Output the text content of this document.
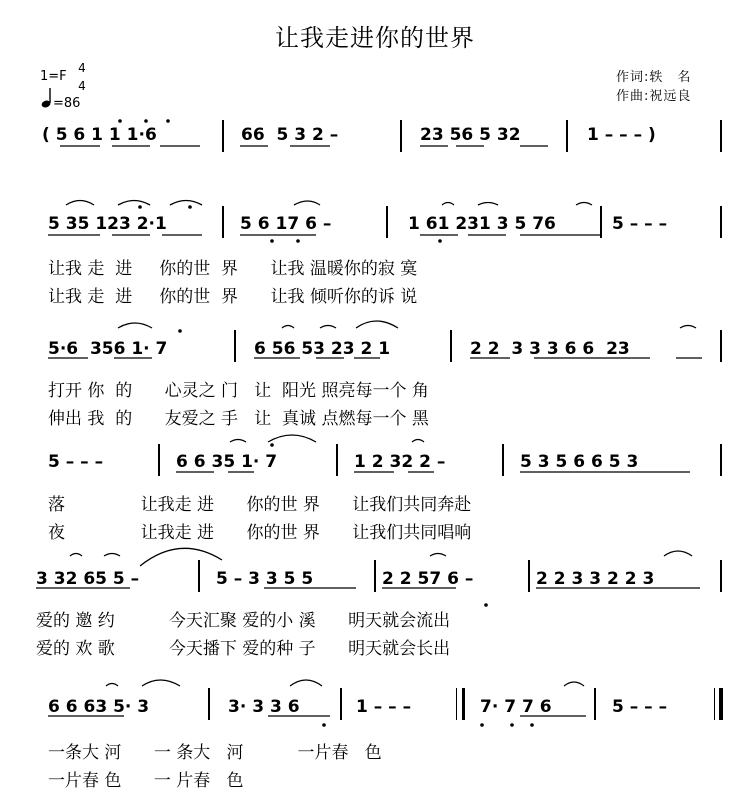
让我走进你的世界
1=F
4
4
=86
作词:轶　名
作曲:祝远良
( 5 6 1 1 1·6	66  5 3 2 –	23 56 5 32	1 – – – )
5 35 123 2·1	5 6 17 6 –	1 61 231 3 5 76	5 – – –
让我 走  进     你的世  界      让我 温暖你的寂 寞
让我 走  进     你的世  界      让我 倾听你的诉 说
5·6  356 1· 7	6 56 53 23 2 1	2 2  3 3 3 6 6  23
打开 你  的      心灵之 门   让  阳光 照亮每一个 角
伸出 我  的      友爱之 手   让  真诚 点燃每一个 黑
5 – – –	6 6 35 1· 7	1 2 32 2 –	5 3 5 6 6 5 3
落              让我走 进      你的世 界      让我们共同奔赴
夜              让我走 进      你的世 界      让我们共同唱响
3 32 65 5 –	5 – 3 3 5 5	2 2 57 6 –	2 2 3 3 2 2 3
爱的 邀 约          今天汇聚 爱的小 溪      明天就会流出
爱的 欢 歌          今天播下 爱的种 子      明天就会长出
6 6 63 5· 3	3· 3 3 6	1 – – –	7· 7 7 6	5 – – –
一条大 河      一 条大   河          一片春   色
一片春 色      一 片春   色
